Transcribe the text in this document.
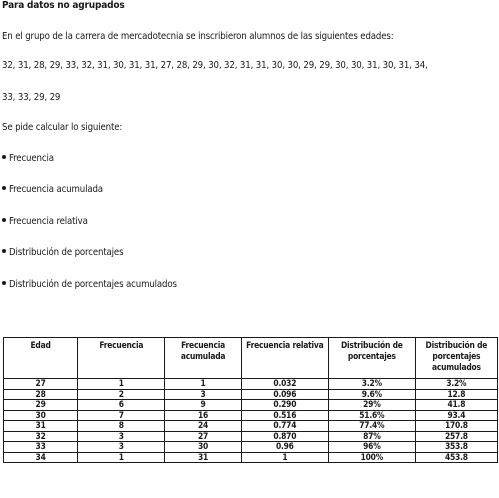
Para datos no agrupados
En el grupo de la carrera de mercadotecnia se inscribieron alumnos de las siguientes edades:
32, 31, 28, 29, 33, 32, 31, 30, 31, 31, 27, 28, 29, 30, 32, 31, 31, 30, 30, 29, 29, 30, 30, 31, 30, 31, 34,
33, 33, 29, 29
Se pide calcular lo siguiente:
Frecuencia
Frecuencia acumulada
Frecuencia relativa
Distribución de porcentajes
Distribución de porcentajes acumulados
Edad	Frecuencia	Frecuencia acumulada	Frecuencia relativa	Distribución de porcentajes	Distribución de porcentajes acumulados
27	1	1	0.032	3.2%	3.2%
28	2	3	0.096	9.6%	12.8
29	6	9	0.290	29%	41.8
30	7	16	0.516	51.6%	93.4
31	8	24	0.774	77.4%	170.8
32	3	27	0.870	87%	257.8
33	3	30	0.96	96%	353.8
34	1	31	1	100%	453.8
